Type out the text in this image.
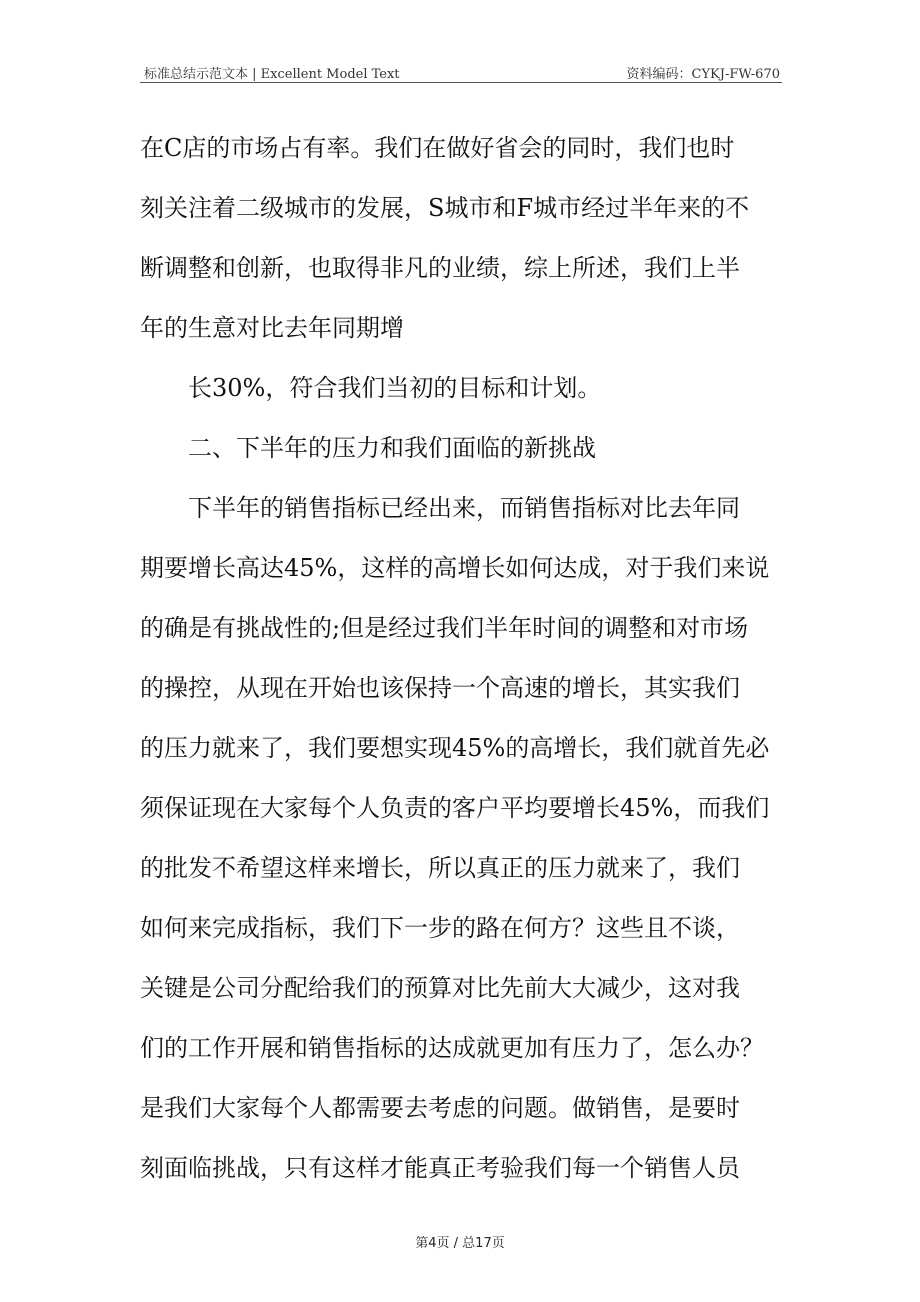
标准总结示范文本 | Excellent Model Text	资料编码：CYKJ-FW-670

在C店的市场占有率。我们在做好省会的同时，我们也时

刻关注着二级城市的发展，S城市和F城市经过半年来的不

断调整和创新，也取得非凡的业绩，综上所述，我们上半

年的生意对比去年同期增

长30%，符合我们当初的目标和计划。

二、下半年的压力和我们面临的新挑战

下半年的销售指标已经出来，而销售指标对比去年同

期要增长高达45%，这样的高增长如何达成，对于我们来说

的确是有挑战性的;但是经过我们半年时间的调整和对市场

的操控，从现在开始也该保持一个高速的增长，其实我们

的压力就来了，我们要想实现45%的高增长，我们就首先必

须保证现在大家每个人负责的客户平均要增长45%，而我们

的批发不希望这样来增长，所以真正的压力就来了，我们

如何来完成指标，我们下一步的路在何方？这些且不谈，

关键是公司分配给我们的预算对比先前大大减少，这对我

们的工作开展和销售指标的达成就更加有压力了，怎么办？

是我们大家每个人都需要去考虑的问题。做销售，是要时

刻面临挑战，只有这样才能真正考验我们每一个销售人员

第4页 / 总17页
